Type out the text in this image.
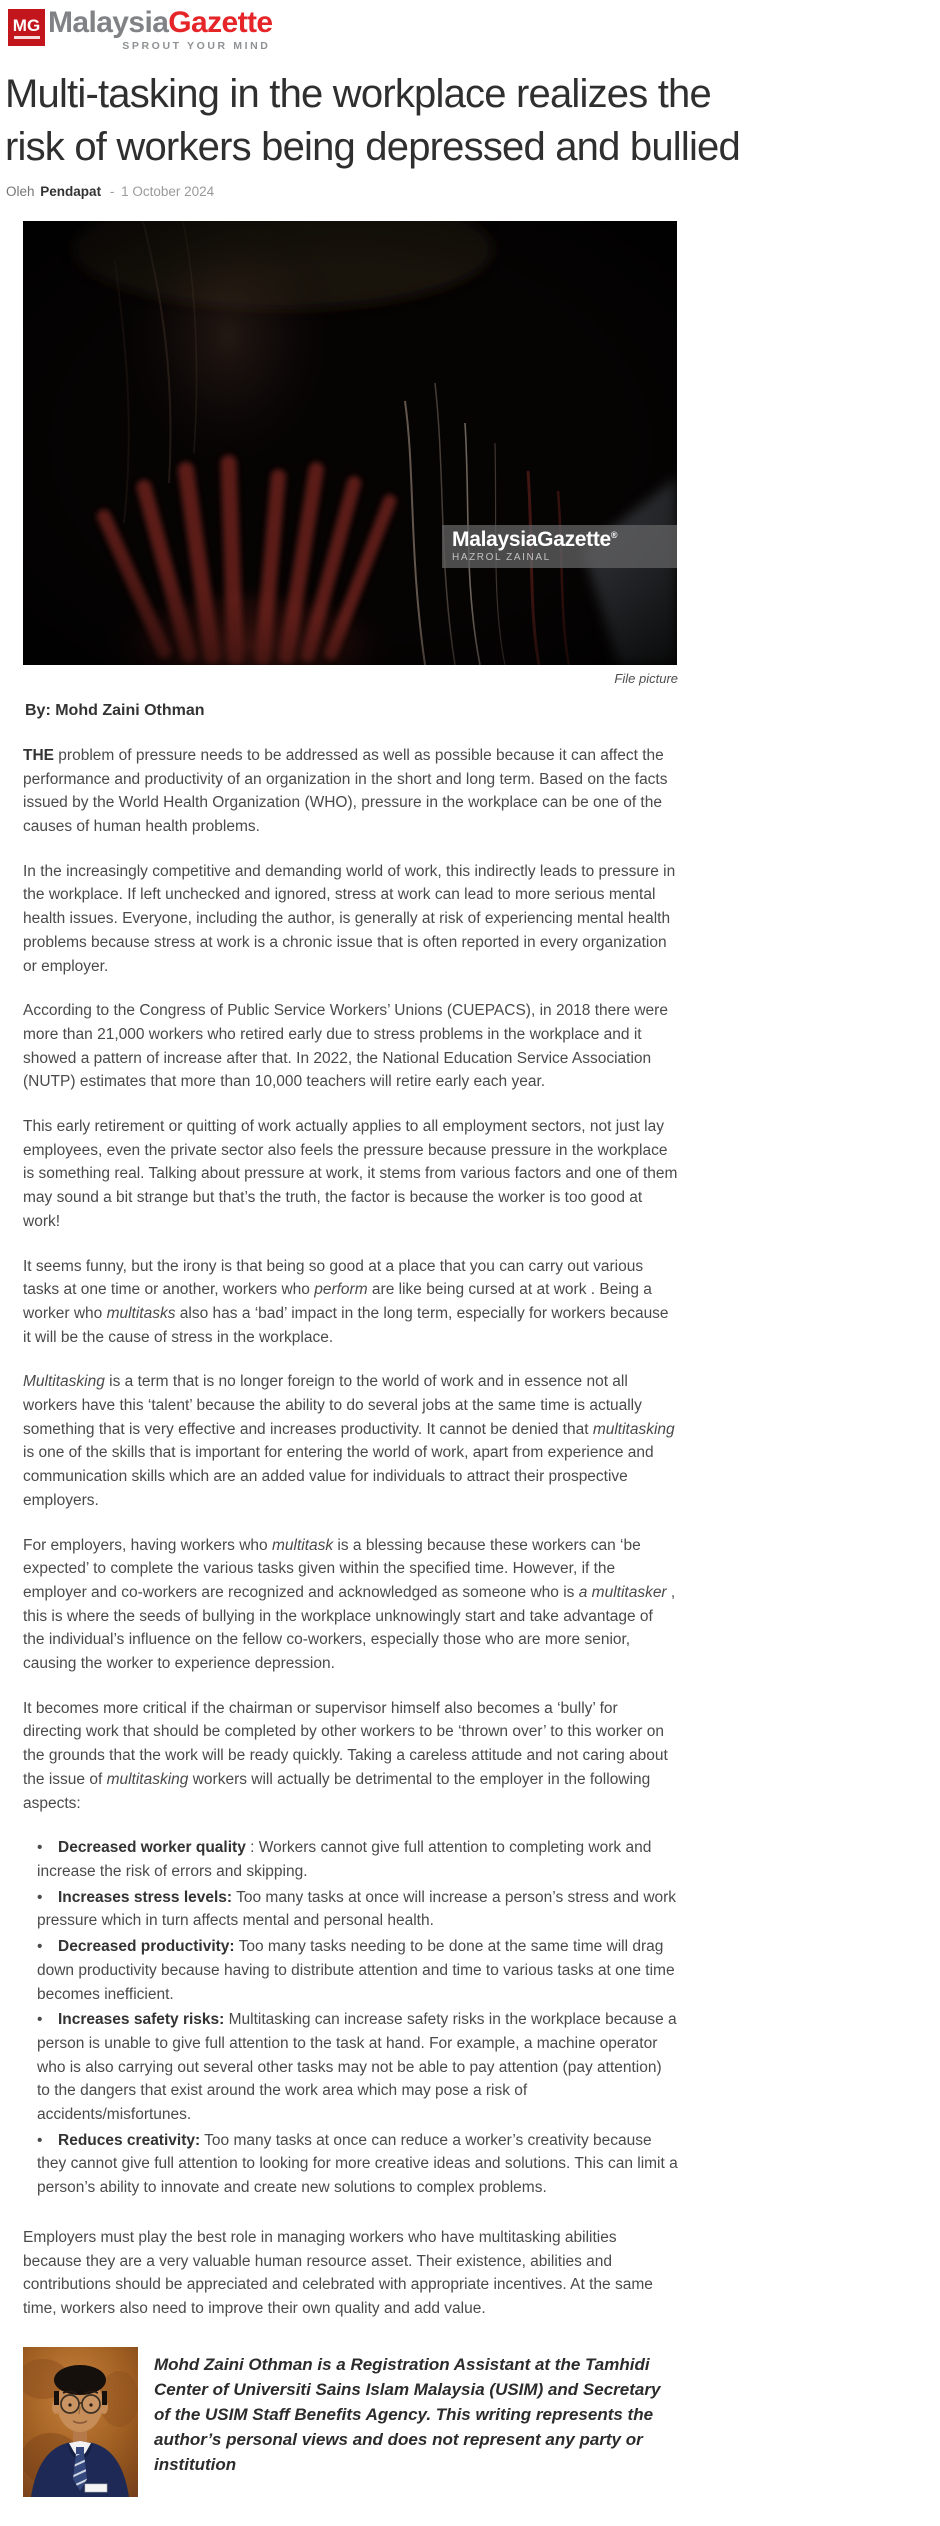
MG MalaysiaGazette
SPROUT YOUR MIND
Multi-tasking in the workplace realizes the
risk of workers being depressed and bullied
Oleh Pendapat - 1 October 2024
MalaysiaGazette®
HAZROL ZAINAL
File picture

By: Mohd Zaini Othman

THE problem of pressure needs to be addressed as well as possible because it can affect the performance and productivity of an organization in the short and long term. Based on the facts issued by the World Health Organization (WHO), pressure in the workplace can be one of the causes of human health problems.

In the increasingly competitive and demanding world of work, this indirectly leads to pressure in the workplace. If left unchecked and ignored, stress at work can lead to more serious mental health issues. Everyone, including the author, is generally at risk of experiencing mental health problems because stress at work is a chronic issue that is often reported in every organization or employer.

According to the Congress of Public Service Workers’ Unions (CUEPACS), in 2018 there were more than 21,000 workers who retired early due to stress problems in the workplace and it showed a pattern of increase after that. In 2022, the National Education Service Association (NUTP) estimates that more than 10,000 teachers will retire early each year.

This early retirement or quitting of work actually applies to all employment sectors, not just lay employees, even the private sector also feels the pressure because pressure in the workplace is something real. Talking about pressure at work, it stems from various factors and one of them may sound a bit strange but that’s the truth, the factor is because the worker is too good at work!

It seems funny, but the irony is that being so good at a place that you can carry out various tasks at one time or another, workers who perform are like being cursed at at work . Being a worker who multitasks also has a ‘bad’ impact in the long term, especially for workers because it will be the cause of stress in the workplace.

Multitasking is a term that is no longer foreign to the world of work and in essence not all workers have this ‘talent’ because the ability to do several jobs at the same time is actually something that is very effective and increases productivity. It cannot be denied that multitasking is one of the skills that is important for entering the world of work, apart from experience and communication skills which are an added value for individuals to attract their prospective employers.

For employers, having workers who multitask is a blessing because these workers can ‘be expected’ to complete the various tasks given within the specified time. However, if the employer and co-workers are recognized and acknowledged as someone who is a multitasker , this is where the seeds of bullying in the workplace unknowingly start and take advantage of the individual’s influence on the fellow co-workers, especially those who are more senior, causing the worker to experience depression.

It becomes more critical if the chairman or supervisor himself also becomes a ‘bully’ for directing work that should be completed by other workers to be ‘thrown over’ to this worker on the grounds that the work will be ready quickly. Taking a careless attitude and not caring about the issue of multitasking workers will actually be detrimental to the employer in the following aspects:

• Decreased worker quality : Workers cannot give full attention to completing work and increase the risk of errors and skipping.

• Increases stress levels: Too many tasks at once will increase a person’s stress and work pressure which in turn affects mental and personal health.

• Decreased productivity: Too many tasks needing to be done at the same time will drag down productivity because having to distribute attention and time to various tasks at one time becomes inefficient.

• Increases safety risks: Multitasking can increase safety risks in the workplace because a person is unable to give full attention to the task at hand. For example, a machine operator who is also carrying out several other tasks may not be able to pay attention (pay attention) to the dangers that exist around the work area which may pose a risk of accidents/misfortunes.

• Reduces creativity: Too many tasks at once can reduce a worker’s creativity because they cannot give full attention to looking for more creative ideas and solutions. This can limit a person’s ability to innovate and create new solutions to complex problems.

Employers must play the best role in managing workers who have multitasking abilities because they are a very valuable human resource asset. Their existence, abilities and contributions should be appreciated and celebrated with appropriate incentives. At the same time, workers also need to improve their own quality and add value.

Mohd Zaini Othman is a Registration Assistant at the Tamhidi Center of Universiti Sains Islam Malaysia (USIM) and Secretary of the USIM Staff Benefits Agency. This writing represents the author’s personal views and does not represent any party or institution
